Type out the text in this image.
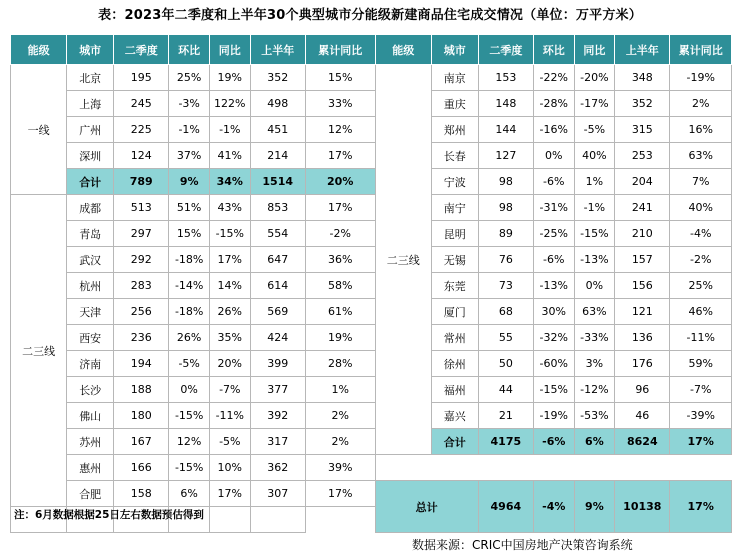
表：2023年二季度和上半年30个典型城市分能级新建商品住宅成交情况（单位：万平方米）
能级	城市	二季度	环比	同比	上半年	累计同比	能级	城市	二季度	环比	同比	上半年	累计同比
一线	北京	195	25%	19%	352	15%	二三线	南京	153	-22%	-20%	348	-19%
	上海	245	-3%	122%	498	33%		重庆	148	-28%	-17%	352	2%
	广州	225	-1%	-1%	451	12%		郑州	144	-16%	-5%	315	16%
	深圳	124	37%	41%	214	17%		长春	127	0%	40%	253	63%
	合计	789	9%	34%	1514	20%		宁波	98	-6%	1%	204	7%
二三线	成都	513	51%	43%	853	17%		南宁	98	-31%	-1%	241	40%
	青岛	297	15%	-15%	554	-2%		昆明	89	-25%	-15%	210	-4%
	武汉	292	-18%	17%	647	36%		无锡	76	-6%	-13%	157	-2%
	杭州	283	-14%	14%	614	58%		东莞	73	-13%	0%	156	25%
	天津	256	-18%	26%	569	61%		厦门	68	30%	63%	121	46%
	西安	236	26%	35%	424	19%		常州	55	-32%	-33%	136	-11%
	济南	194	-5%	20%	399	28%		徐州	50	-60%	3%	176	59%
	长沙	188	0%	-7%	377	1%		福州	44	-15%	-12%	96	-7%
	佛山	180	-15%	-11%	392	2%		嘉兴	21	-19%	-53%	46	-39%
	苏州	167	12%	-5%	317	2%		合计	4175	-6%	6%	8624	17%
	惠州	166	-15%	10%	362	39%							
	合肥	158	6%	17%	307	17%	总计		4964	-4%	9%	10138	17%

注：6月数据根据25日左右数据预估得到
数据来源：CRIC中国房地产决策咨询系统
